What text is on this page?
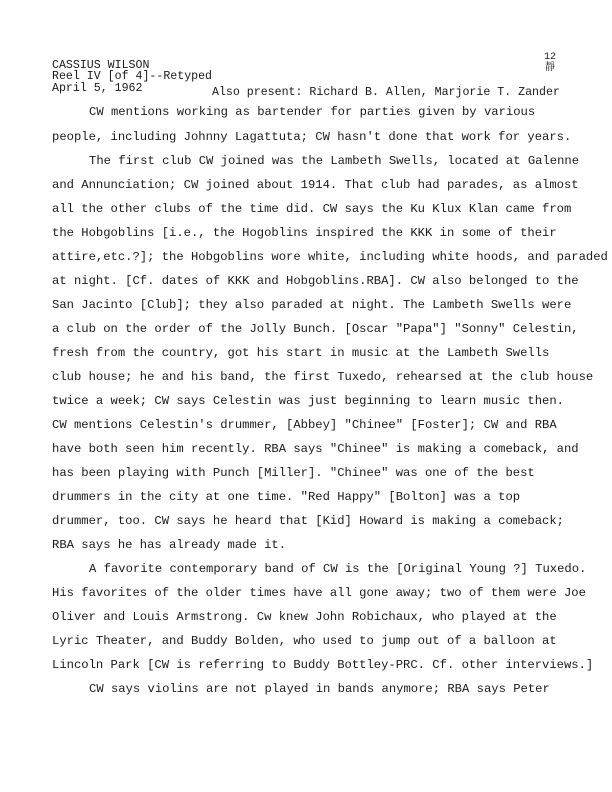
CASSIUS WILSON
Reel IV [of 4]--Retyped
April 5, 1962	Also present: Richard B. Allen, Marjorie T. Zander
12
靜
CW mentions working as bartender for parties given by various
people, including Johnny Lagattuta; CW hasn't done that work for years.
The first club CW joined was the Lambeth Swells, located at Galenne
and Annunciation; CW joined about 1914. That club had parades, as almost
all the other clubs of the time did. CW says the Ku Klux Klan came from
the Hobgoblins [i.e., the Hogoblins inspired the KKK in some of their
attire,etc.?]; the Hobgoblins wore white, including white hoods, and paraded
at night. [Cf. dates of KKK and Hobgoblins.RBA]. CW also belonged to the
San Jacinto [Club]; they also paraded at night. The Lambeth Swells were
a club on the order of the Jolly Bunch. [Oscar "Papa"] "Sonny" Celestin,
fresh from the country, got his start in music at the Lambeth Swells
club house; he and his band, the first Tuxedo, rehearsed at the club house
twice a week; CW says Celestin was just beginning to learn music then.
CW mentions Celestin's drummer, [Abbey] "Chinee" [Foster]; CW and RBA
have both seen him recently. RBA says "Chinee" is making a comeback, and
has been playing with Punch [Miller]. "Chinee" was one of the best
drummers in the city at one time. "Red Happy" [Bolton] was a top
drummer, too. CW says he heard that [Kid] Howard is making a comeback;
RBA says he has already made it.
A favorite contemporary band of CW is the [Original Young ?] Tuxedo.
His favorites of the older times have all gone away; two of them were Joe
Oliver and Louis Armstrong. Cw knew John Robichaux, who played at the
Lyric Theater, and Buddy Bolden, who used to jump out of a balloon at
Lincoln Park [CW is referring to Buddy Bottley-PRC. Cf. other interviews.]
CW says violins are not played in bands anymore; RBA says Peter
